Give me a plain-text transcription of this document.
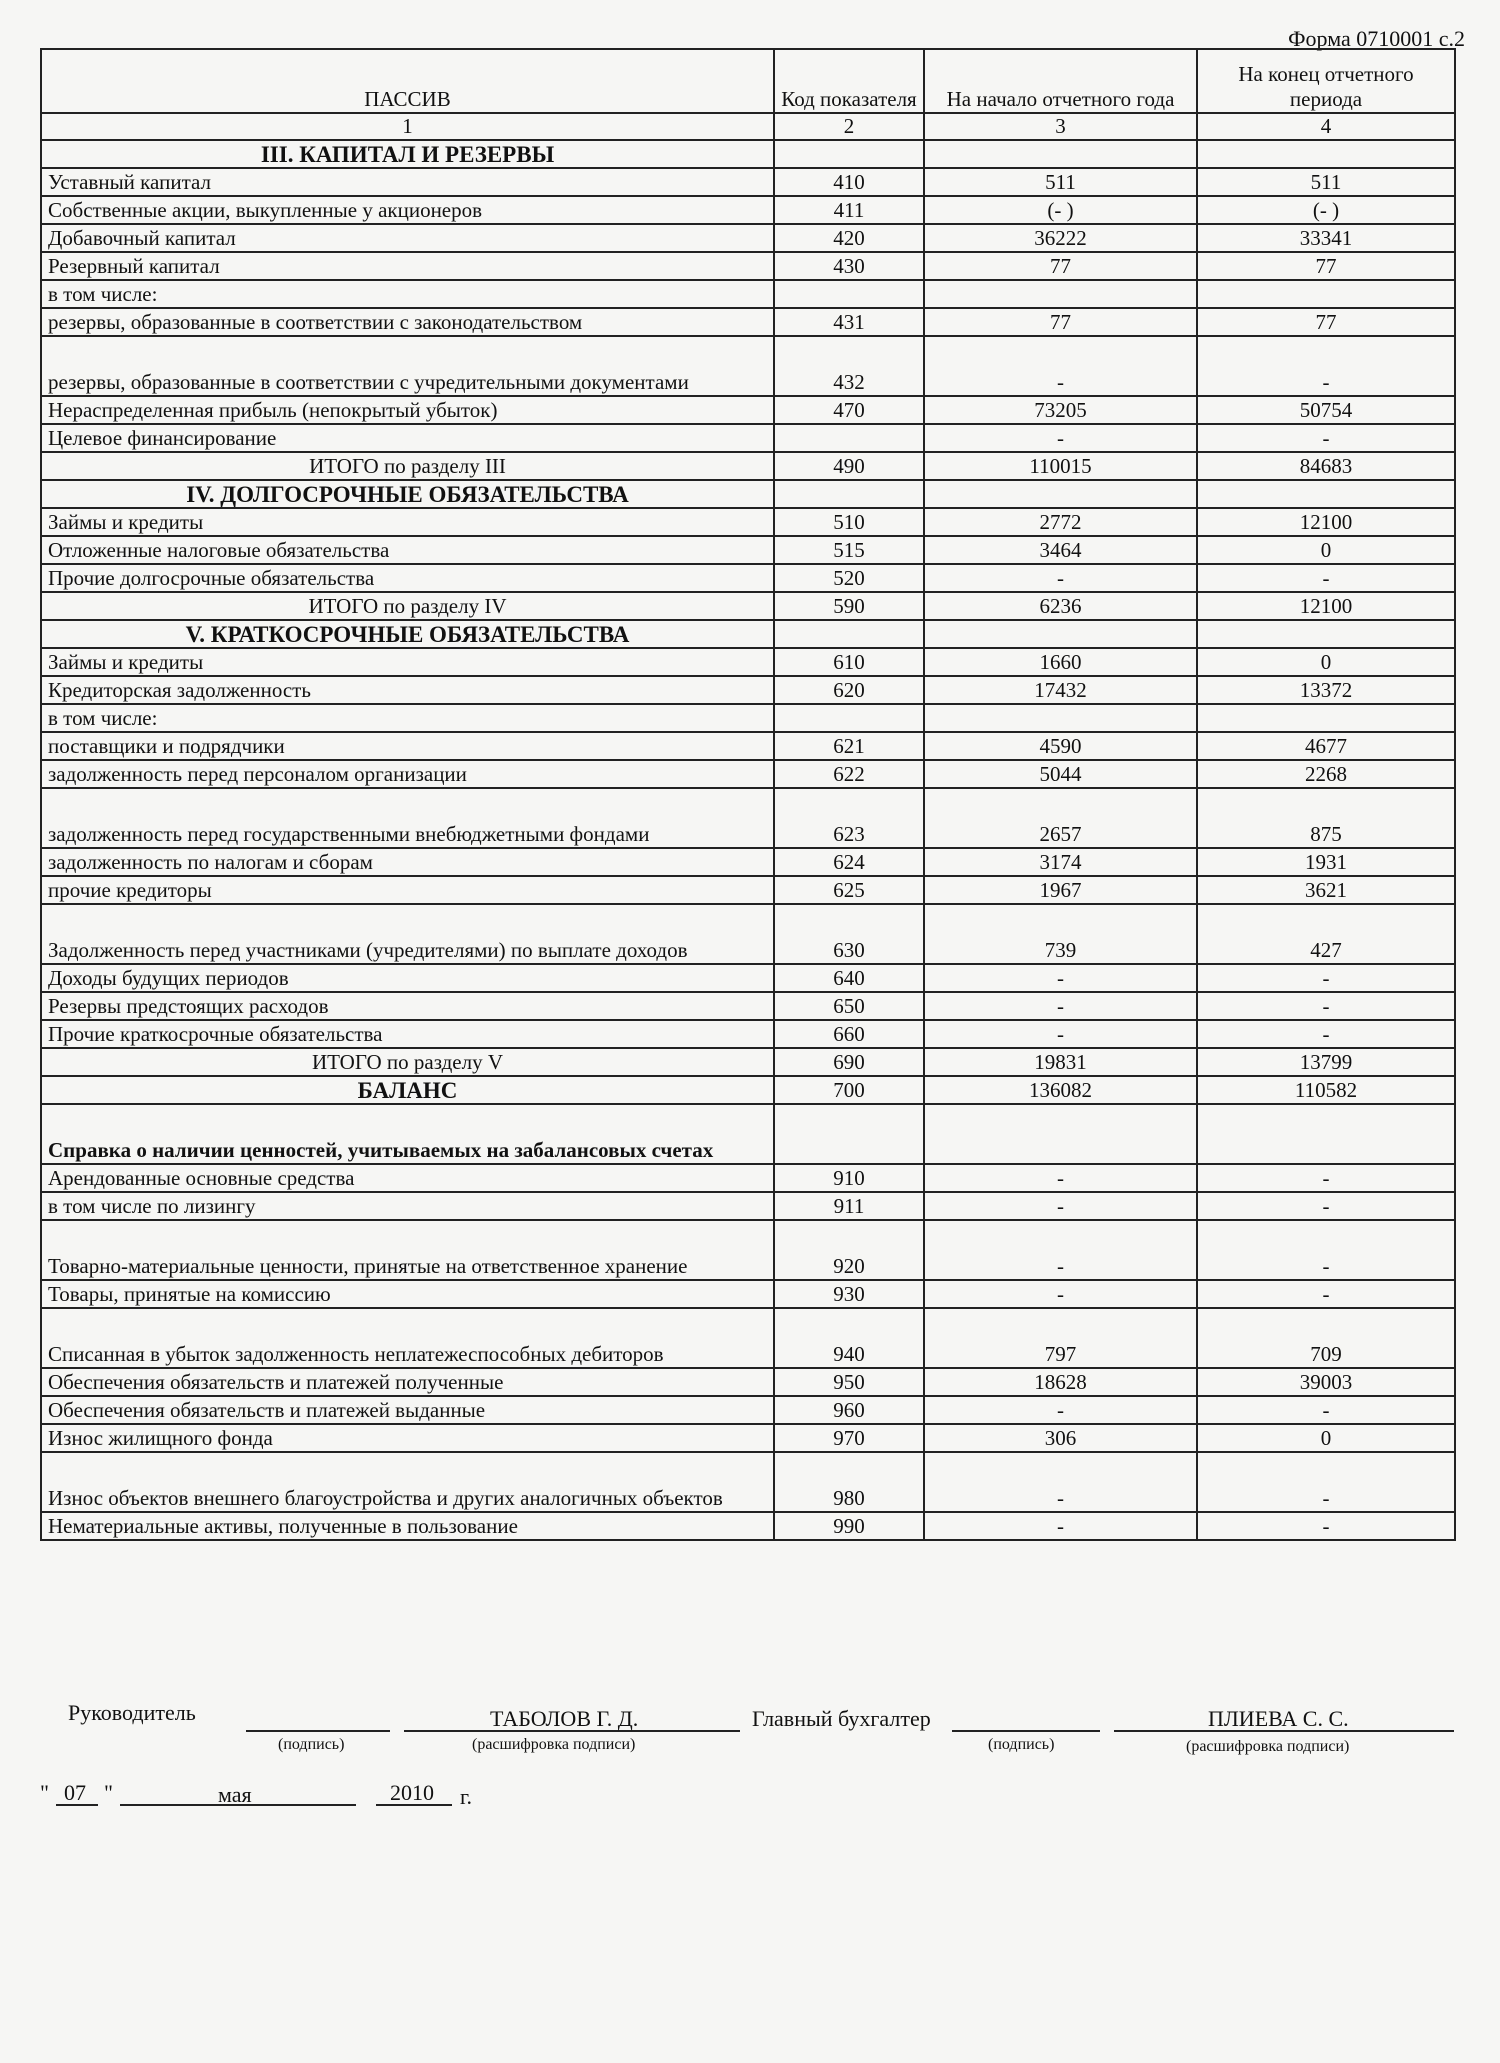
Форма 0710001 с.2
ПАССИВ	Код показателя	На начало отчетного года	На конец отчетного периода
1	2	3	4
III. КАПИТАЛ И РЕЗЕРВЫ			
Уставный капитал	410	511	511
Собственные акции, выкупленные у акционеров	411	(- )	(- )
Добавочный капитал	420	36222	33341
Резервный капитал	430	77	77
в том числе:			
резервы, образованные в соответствии с законодательством	431	77	77
резервы, образованные в соответствии с учредительными документами	432	-	-
Нераспределенная прибыль (непокрытый убыток)	470	73205	50754
Целевое финансирование		-	-
ИТОГО по разделу III	490	110015	84683
IV. ДОЛГОСРОЧНЫЕ ОБЯЗАТЕЛЬСТВА			
Займы и кредиты	510	2772	12100
Отложенные налоговые обязательства	515	3464	0
Прочие долгосрочные обязательства	520	-	-
ИТОГО по разделу IV	590	6236	12100
V. КРАТКОСРОЧНЫЕ ОБЯЗАТЕЛЬСТВА			
Займы и кредиты	610	1660	0
Кредиторская задолженность	620	17432	13372
в том числе:			
поставщики и подрядчики	621	4590	4677
задолженность перед персоналом организации	622	5044	2268
задолженность перед государственными внебюджетными фондами	623	2657	875
задолженность по налогам и сборам	624	3174	1931
прочие кредиторы	625	1967	3621
Задолженность перед участниками (учредителями) по выплате доходов	630	739	427
Доходы будущих периодов	640	-	-
Резервы предстоящих расходов	650	-	-
Прочие краткосрочные обязательства	660	-	-
ИТОГО по разделу V	690	19831	13799
БАЛАНС	700	136082	110582
Справка о наличии ценностей, учитываемых на забалансовых счетах			
Арендованные основные средства	910	-	-
в том числе по лизингу	911	-	-
Товарно-материальные ценности, принятые на ответственное хранение	920	-	-
Товары, принятые на комиссию	930	-	-
Списанная в убыток задолженность неплатежеспособных дебиторов	940	797	709
Обеспечения обязательств и платежей полученные	950	18628	39003
Обеспечения обязательств и платежей выданные	960	-	-
Износ жилищного фонда	970	306	0
Износ объектов внешнего благоустройства и других аналогичных объектов	980	-	-
Нематериальные активы, полученные в пользование	990	-	-
Руководитель
(подпись)
ТАБОЛОВ Г. Д.
(расшифровка подписи)
Главный бухгалтер
(подпись)
ПЛИЕВА С. С.
(расшифровка подписи)
" 07 "	мая	2010 г.
